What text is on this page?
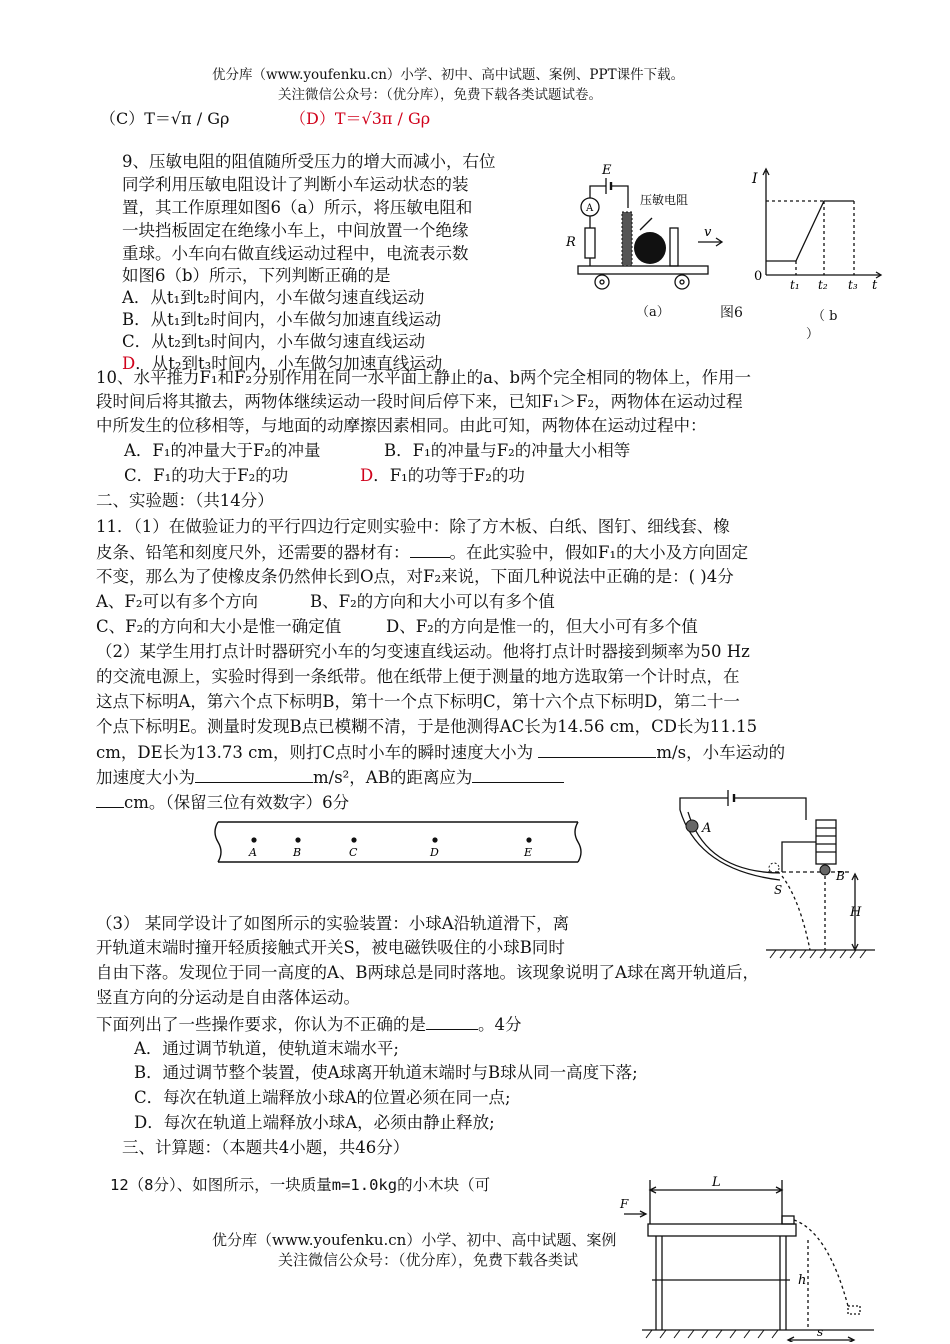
优分库（www.youfenku.cn）小学、初中、高中试题、案例、PPT课件下载。
关注微信公众号：（优分库），免费下载各类试题试卷。
（C）T＝√π / Gρ	（D）T＝√3π / Gρ
9、压敏电阻的阻值随所受压力的增大而减小，右位
同学利用压敏电阻设计了判断小车运动状态的装
置，其工作原理如图6（a）所示，将压敏电阻和
一块挡板固定在绝缘小车上，中间放置一个绝缘
重球。小车向右做直线运动过程中，电流表示数
如图6（b）所示，下列判断正确的是
A．从t₁到t₂时间内，小车做匀速直线运动
B．从t₁到t₂时间内，小车做匀加速直线运动
C．从t₂到t₃时间内，小车做匀速直线运动
D．从t₂到t₃时间内，小车做匀加速直线运动
A
E
R
压敏电阻
v
I
0
t₁ t₂ t₃ t
（a）	图6	（ b
）
10、水平推力F₁和F₂分别作用在同一水平面上静止的a、b两个完全相同的物体上，作用一
段时间后将其撤去，两物体继续运动一段时间后停下来，已知F₁＞F₂，两物体在运动过程
中所发生的位移相等，与地面的动摩擦因素相同。由此可知，两物体在运动过程中：
A．F₁的冲量大于F₂的冲量	B．F₁的冲量与F₂的冲量大小相等
C．F₁的功大于F₂的功	D．F₁的功等于F₂的功
二、实验题：（共14分）
11．（1）在做验证力的平行四边行定则实验中：除了方木板、白纸、图钉、细线套、橡
皮条、铅笔和刻度尺外，还需要的器材有： 。在此实验中，假如F₁的大小及方向固定
不变，那么为了使橡皮条仍然伸长到O点，对F₂来说，下面几种说法中正确的是：( )4分
A、F₂可以有多个方向	B、F₂的方向和大小可以有多个值
C、F₂的方向和大小是惟一确定值	D、F₂的方向是惟一的，但大小可有多个值
（2）某学生用打点计时器研究小车的匀变速直线运动。他将打点计时器接到频率为50 Hz
的交流电源上，实验时得到一条纸带。他在纸带上便于测量的地方选取第一个计时点，在
这点下标明A，第六个点下标明B，第十一个点下标明C，第十六个点下标明D，第二十一
个点下标明E。测量时发现B点已模糊不清，于是他测得AC长为14.56 cm，CD长为11.15
cm，DE长为13.73 cm，则打C点时小车的瞬时速度大小为	m/s，小车运动的
加速度大小为	m/s²，AB的距离应为
cm。（保留三位有效数字）6分
A	B	C	D	E
A
B
S
H
（3） 某同学设计了如图所示的实验装置：小球A沿轨道滑下，离
开轨道末端时撞开轻质接触式开关S，被电磁铁吸住的小球B同时
自由下落。发现位于同一高度的A、B两球总是同时落地。该现象说明了A球在离开轨道后，
竖直方向的分运动是自由落体运动。
下面列出了一些操作要求，你认为不正确的是	。4分
A．通过调节轨道，使轨道末端水平;
B．通过调节整个装置，使A球离开轨道末端时与B球从同一高度下落;
C．每次在轨道上端释放小球A的位置必须在同一点;
D．每次在轨道上端释放小球A，必须由静止释放;
三、计算题：（本题共4小题，共46分）
12（8分）、如图所示，一块质量m=1.0kg的小木块（可
F
L
h
s
优分库（www.youfenku.cn）小学、初中、高中试题、案例
关注微信公众号：（优分库），免费下载各类试
